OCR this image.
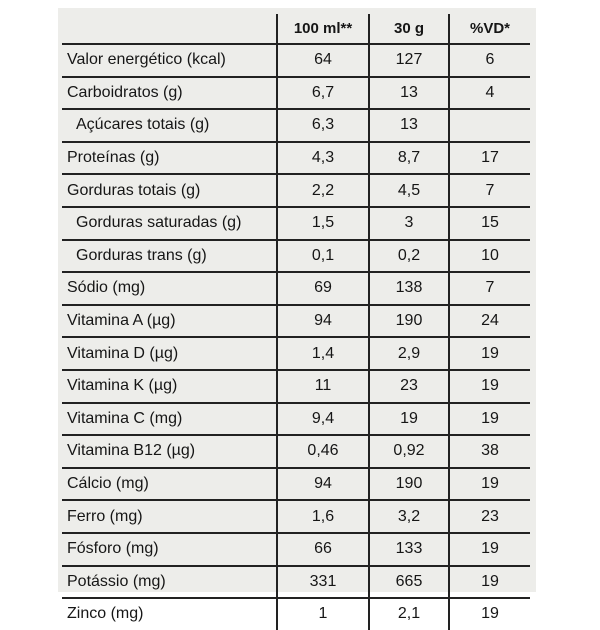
	100 ml**	30 g	%VD*
Valor energético (kcal)	64	127	6
Carboidratos (g)	6,7	13	4
Açúcares totais (g)	6,3	13	
Proteínas (g)	4,3	8,7	17
Gorduras totais (g)	2,2	4,5	7
Gorduras saturadas (g)	1,5	3	15
Gorduras trans (g)	0,1	0,2	10
Sódio (mg)	69	138	7
Vitamina A (µg)	94	190	24
Vitamina D (µg)	1,4	2,9	19
Vitamina K (µg)	11	23	19
Vitamina C (mg)	9,4	19	19
Vitamina B12 (µg)	0,46	0,92	38
Cálcio (mg)	94	190	19
Ferro (mg)	1,6	3,2	23
Fósforo (mg)	66	133	19
Potássio (mg)	331	665	19
Zinco (mg)	1	2,1	19
